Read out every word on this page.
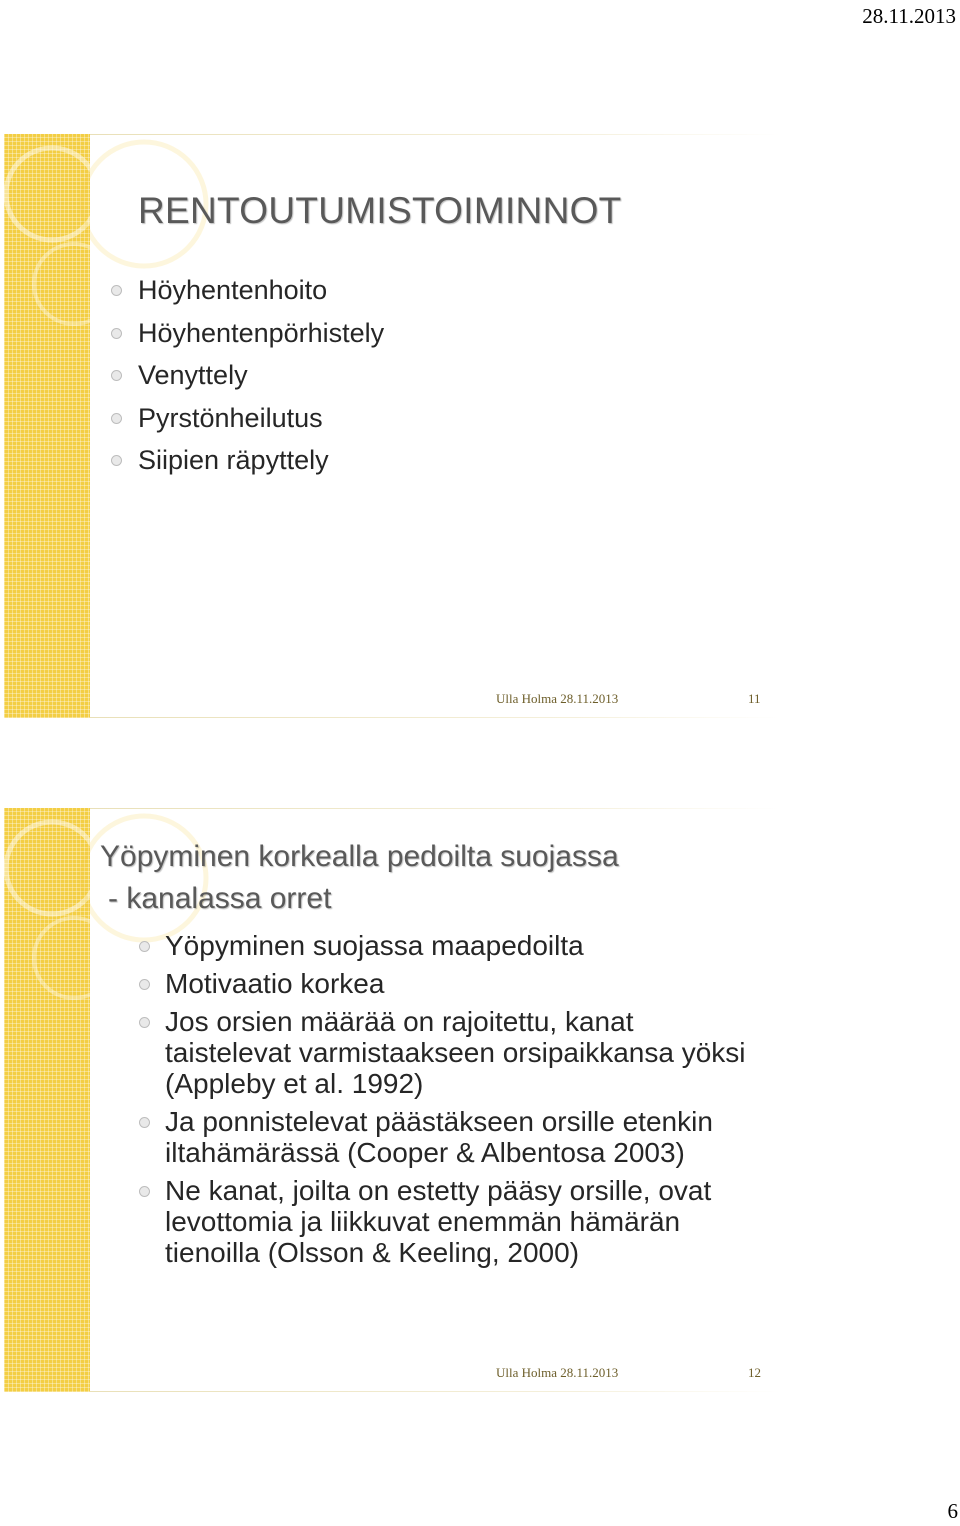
28.11.2013
RENTOUTUMISTOIMINNOT
Höyhentenhoito
Höyhentenpörhistely
Venyttely
Pyrstönheilutus
Siipien räpyttely
Ulla Holma 28.11.2013	11
Yöpyminen korkealla pedoilta suojassa
- kanalassa orret
Yöpyminen suojassa maapedoilta
Motivaatio korkea
Jos orsien määrää on rajoitettu, kanat taistelevat varmistaakseen orsipaikkansa yöksi (Appleby et al. 1992)
Ja ponnistelevat päästäkseen orsille etenkin iltahämärässä (Cooper & Albentosa 2003)
Ne kanat, joilta on estetty pääsy orsille, ovat levottomia ja liikkuvat enemmän hämärän tienoilla (Olsson & Keeling, 2000)
Ulla Holma 28.11.2013	12
6
